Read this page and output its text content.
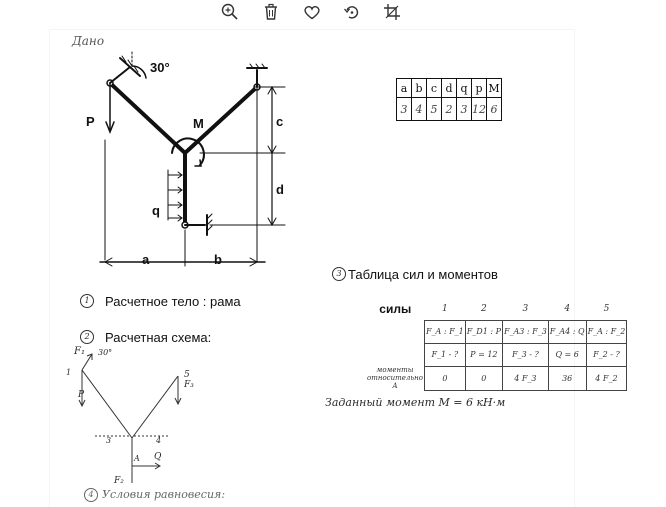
Дано
30°
P	M	c
d
q
a	b
a	b	c	d	q	p	M
3	4	5	2	3	12	6
1	Расчетное тело : рама
2	Расчетная схема:
3 Таблица сил и моментов
силы	1	2	3	4	5
	F_A : F_1	F_D1 : P	F_A3 : F_3	F_A4 : Q	F_A : F_2
	F_1 - ?	P = 12	F_3 - ?	Q = 6	F_2 - ?
моменты относительно A	0	0	4 F_3	36	4 F_2
Заданный момент M = 6 кН·м
F₁ 30°
1
P
5
F₃
3	4
A Q
F₂
4 Условия равновесия:
